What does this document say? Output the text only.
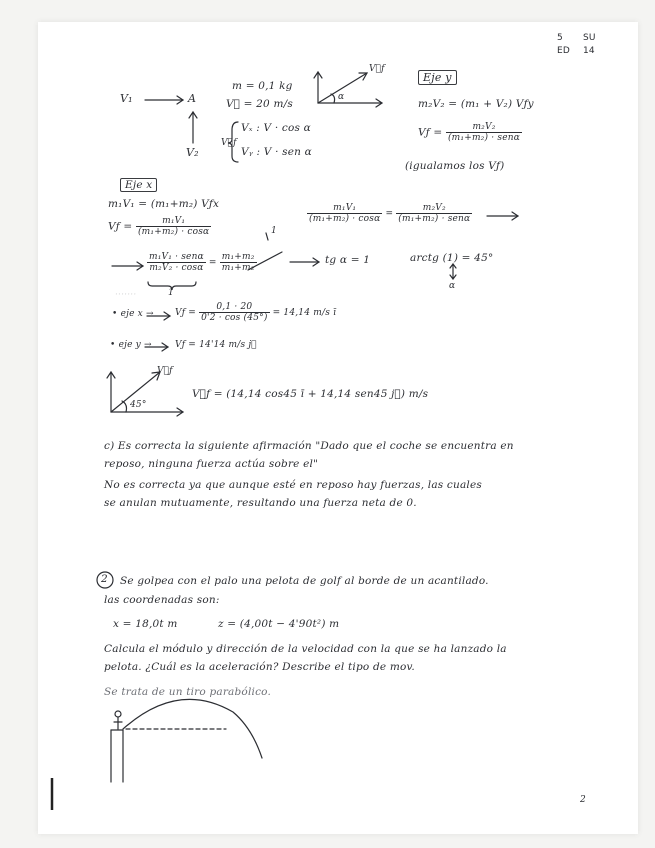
5 SU
ED 14
V₁	A
V₂
m = 0,1 kg
V⃗ = 20 m/s
V⃗f
Vₓ : V · cos α
Vᵧ : V · sen α
V⃗f
α
Eje y
m₂V₂ = (m₁ + V₂) Vƒy
Vƒ = $\frac{\text{m₂V₂}}{\text{(m₁+m₂) · senα}}$
(igualamos los Vƒ)
Eje x
m₁V₁ = (m₁+m₂) Vƒx
Vƒ = $\frac{\text{m₁V₁}}{\text{(m₁+m₂) · cosα}}$
$\frac{\text{m₁V₁}}{\text{(m₁+m₂) · cosα}} = \frac{\text{m₂V₂}}{\text{(m₁+m₂) · senα}}$
$\frac{\text{m₁V₁ · senα}}{\text{m₂V₂ · cosα}} = \frac{\text{m₁+m₂}}{\text{m₁+m₂}}$
1
1
tg α = 1	arctg (1) = 45°
α
·······
• eje x → Vƒ = $\frac{0,1 \cdot 20}{0'2 \cdot \cos (45^\circ)} = 14,14$ m/s ī
• eje y →	Vƒ = 14'14 m/s j⃗
V⃗ƒ
45°
V⃗ƒ = (14,14 cos45 ī + 14,14 sen45 j⃗) m/s
c) Es correcta la siguiente afirmación "Dado que el coche se encuentra en
reposo, ninguna fuerza actúa sobre el"
No es correcta ya que aunque esté en reposo hay fuerzas, las cuales
se anulan mutuamente, resultando una fuerza neta de 0.
2 Se golpea con el palo una pelota de golf al borde de un acantilado.
las coordenadas son:
x = 18,0t m	z = (4,00t − 4'90t²) m
Calcula el módulo y dirección de la velocidad con la que se ha lanzado la
pelota. ¿Cuál es la aceleración? Describe el tipo de mov.
Se trata de un tiro parabólico.
2
